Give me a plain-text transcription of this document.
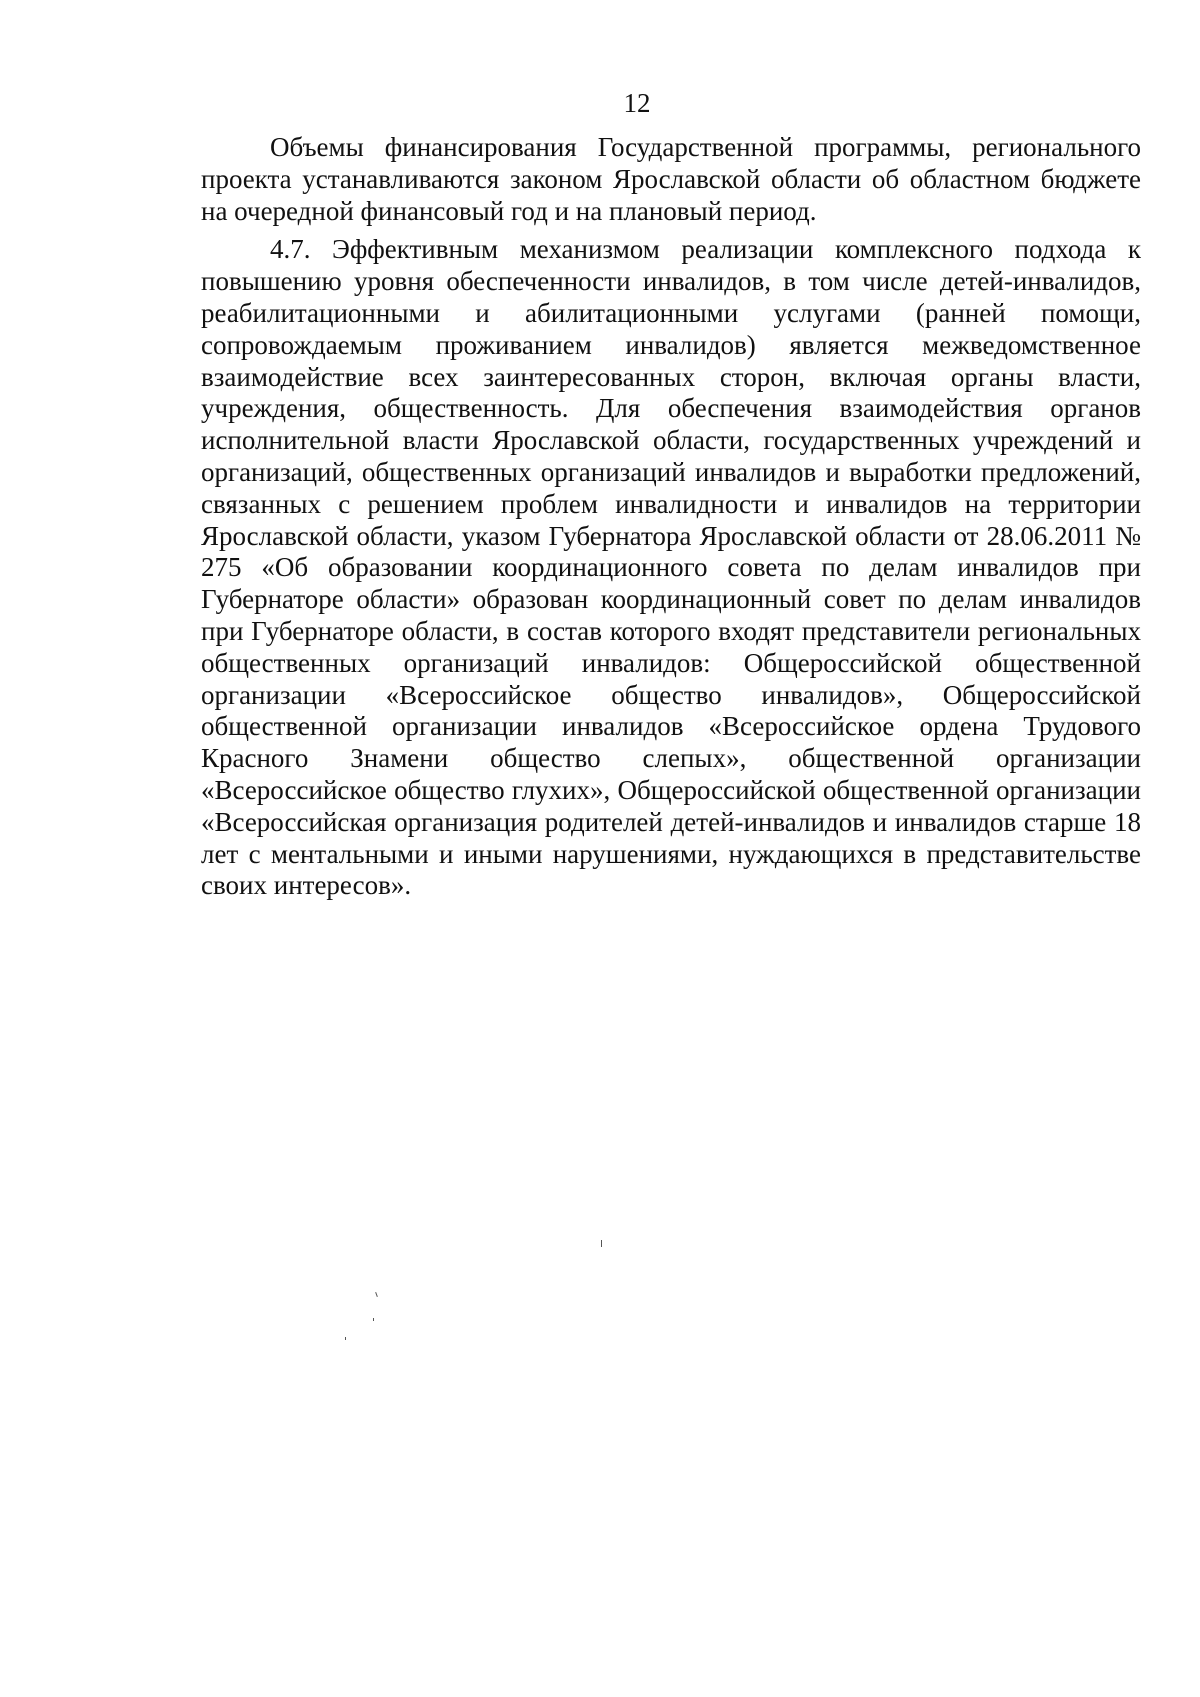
12

Объемы финансирования Государственной программы, регионального проекта устанавливаются законом Ярославской области об областном бюджете на очередной финансовый год и на плановый период.

4.7. Эффективным механизмом реализации комплексного подхода к повышению уровня обеспеченности инвалидов, в том числе детей-инвалидов, реабилитационными и абилитационными услугами (ранней помощи, сопровождаемым проживанием инвалидов) является межведомственное взаимодействие всех заинтересованных сторон, включая органы власти, учреждения, общественность. Для обеспечения взаимодействия органов исполнительной власти Ярославской области, государственных учреждений и организаций, общественных организаций инвалидов и выработки предложений, связанных с решением проблем инвалидности и инвалидов на территории Ярославской области, указом Губернатора Ярославской области от 28.06.2011 № 275 «Об образовании координационного совета по делам инвалидов при Губернаторе области» образован координационный совет по делам инвалидов при Губернаторе области, в состав которого входят представители региональных общественных организаций инвалидов: Общероссийской общественной организации «Всероссийское общество инвалидов», Общероссийской общественной организации инвалидов «Всероссийское ордена Трудового Красного Знамени общество слепых», общественной организации «Всероссийское общество глухих», Общероссийской общественной организации «Всероссийская организация родителей детей-инвалидов и инвалидов старше 18 лет с ментальными и иными нарушениями, нуждающихся в представительстве своих интересов».
